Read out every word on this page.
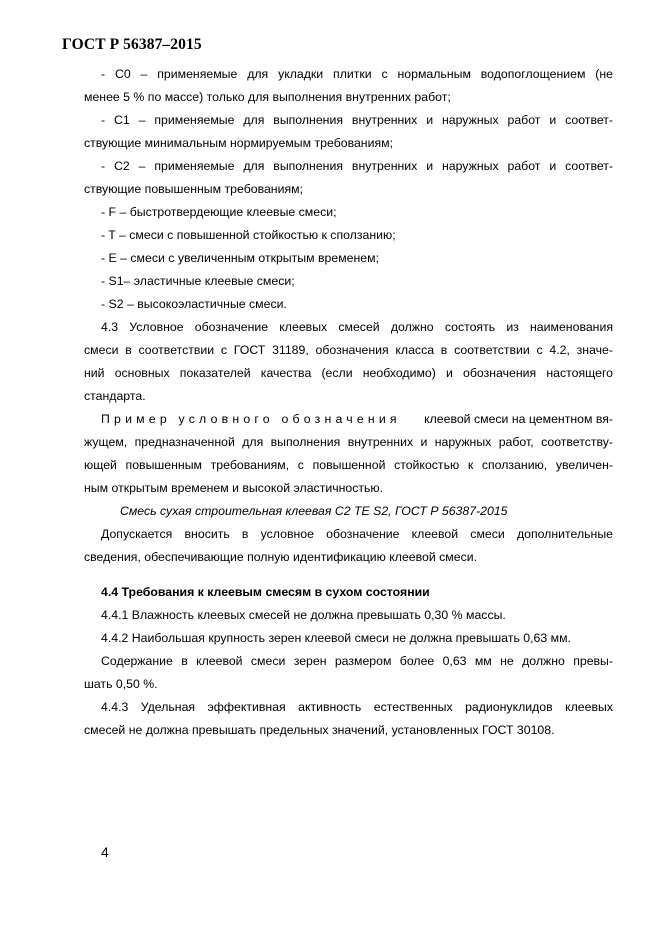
ГОСТ Р 56387–2015
- С0 – применяемые для укладки плитки с нормальным водопоглощением (не
менее 5 % по массе) только для выполнения внутренних работ;
- С1 – применяемые для выполнения внутренних и наружных работ и соответ-
ствующие минимальным нормируемым требованиям;
- С2 – применяемые для выполнения внутренних и наружных работ и соответ-
ствующие повышенным требованиям;
- F – быстротвердеющие клеевые смеси;
- T – смеси с повышенной стойкостью к сползанию;
- E – смеси с увеличенным открытым временем;
- S1– эластичные клеевые смеси;
- S2 – высокоэластичные смеси.
4.3 Условное обозначение клеевых смесей должно состоять из наименования
смеси в соответствии с ГОСТ 31189, обозначения класса в соответствии с 4.2, значе-
ний основных показателей качества (если необходимо) и обозначения настоящего
стандарта.
Пример условного обозначения клеевой смеси на цементном вя-
жущем, предназначенной для выполнения внутренних и наружных работ, соответству-
ющей повышенным требованиям, с повышенной стойкостью к сползанию, увеличен-
ным открытым временем и высокой эластичностью.
Смесь сухая строительная клеевая С2 ТЕ S2, ГОСТ Р 56387-2015
Допускается вносить в условное обозначение клеевой смеси дополнительные
сведения, обеспечивающие полную идентификацию клеевой смеси.
4.4 Требования к клеевым смесям в сухом состоянии
4.4.1 Влажность клеевых смесей не должна превышать 0,30 % массы.
4.4.2 Наибольшая крупность зерен клеевой смеси не должна превышать 0,63 мм.
Содержание в клеевой смеси зерен размером более 0,63 мм не должно превы-
шать 0,50 %.
4.4.3 Удельная эффективная активность естественных радионуклидов клеевых
смесей не должна превышать предельных значений, установленных ГОСТ 30108.
4
